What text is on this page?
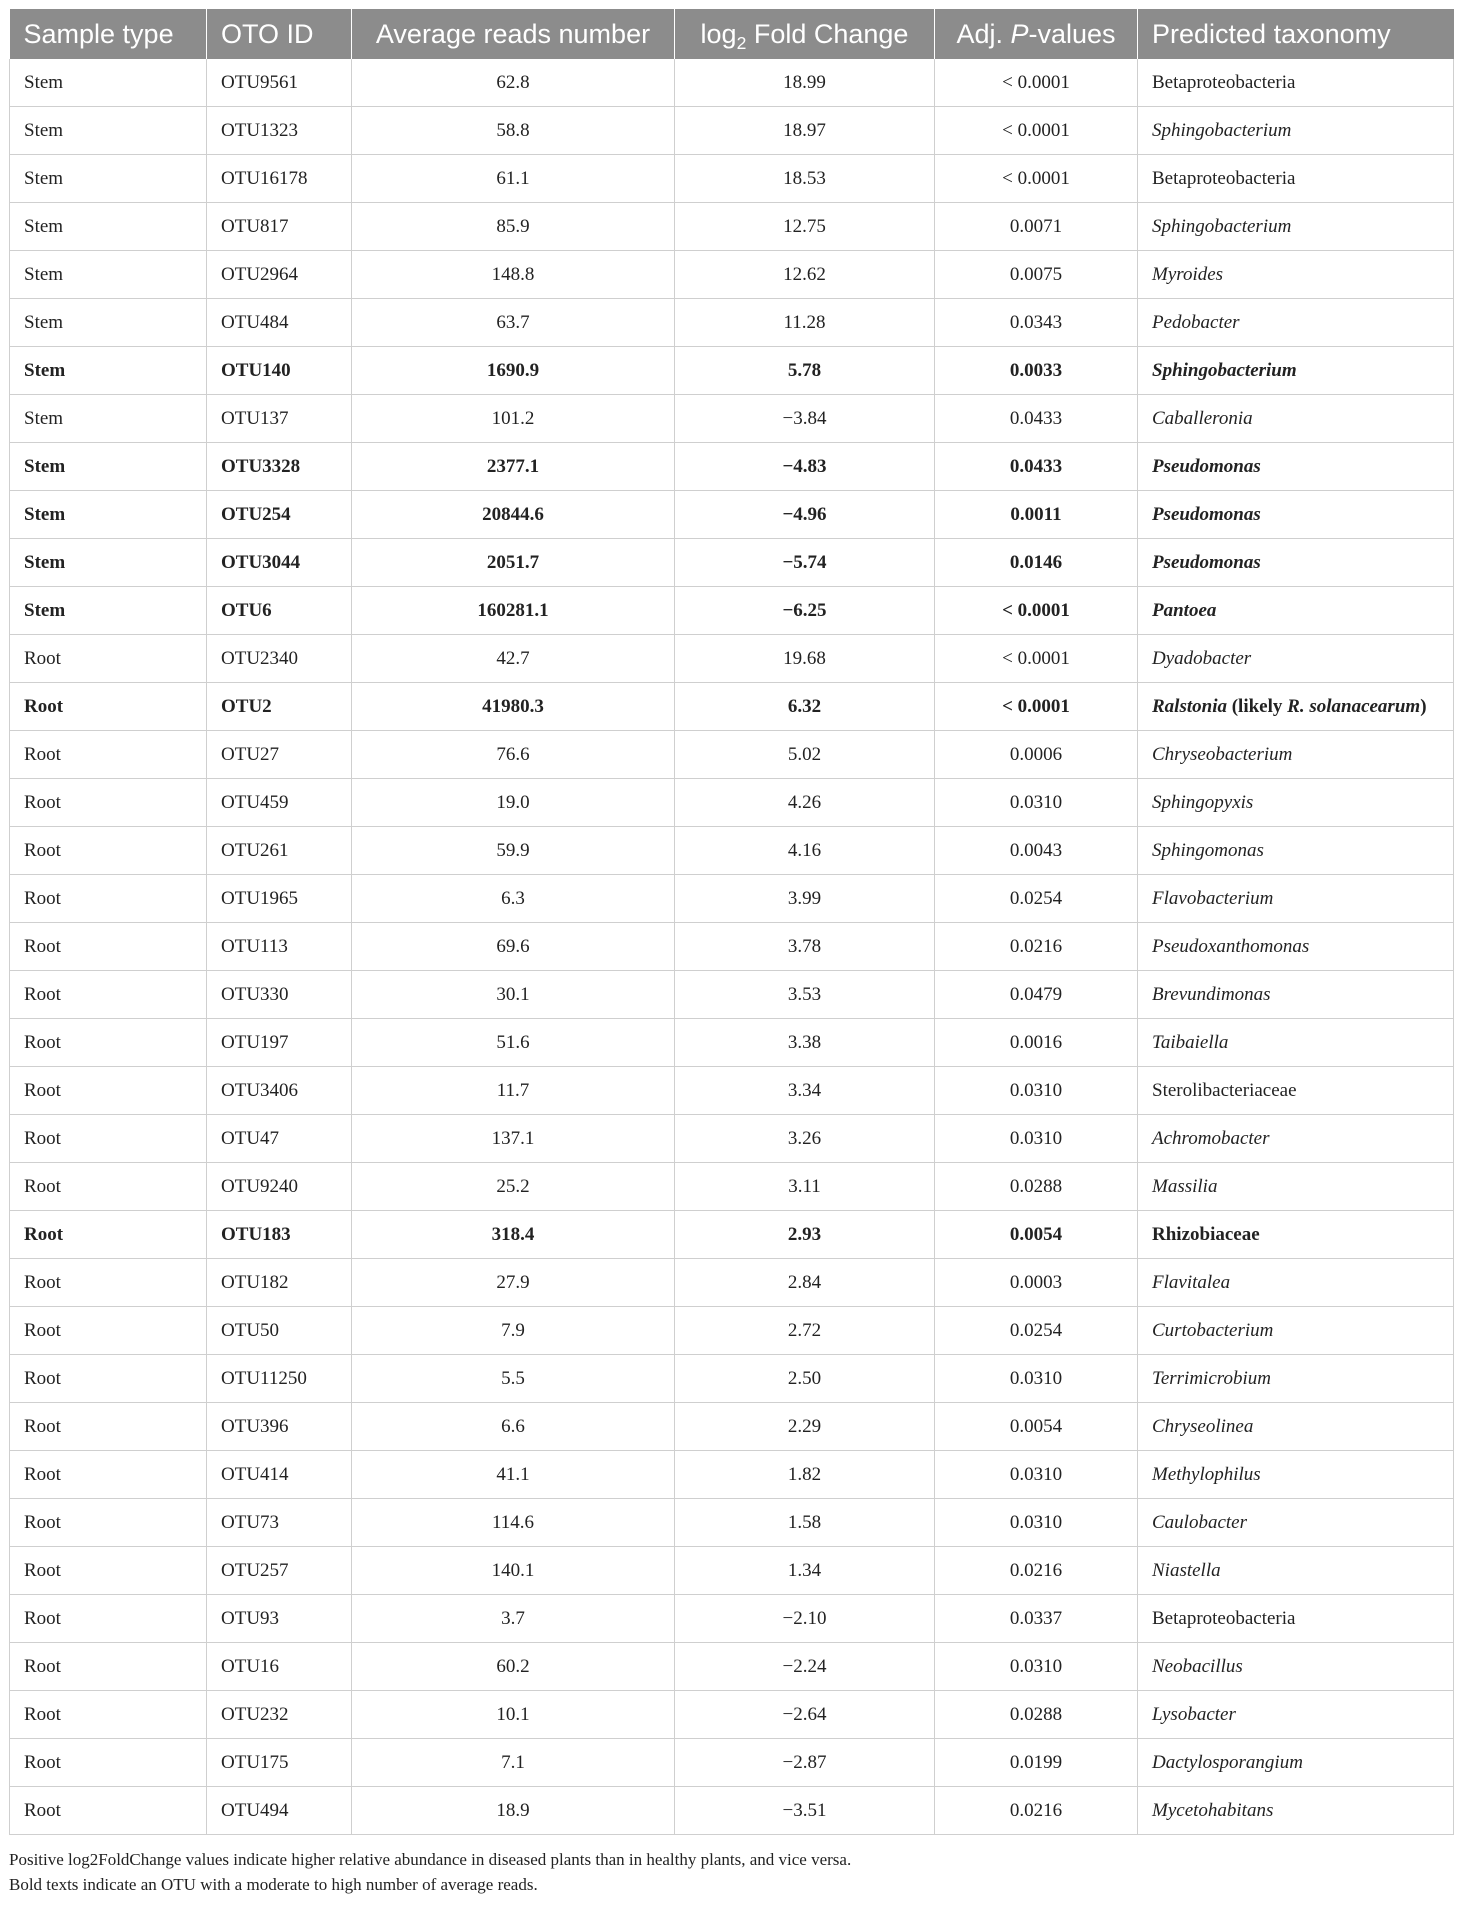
Sample type	OTO ID	Average reads number	$\log_2$ Fold Change	Adj. P-values	Predicted taxonomy
Stem	OTU9561	62.8	18.99	< 0.0001	Betaproteobacteria
Stem	OTU1323	58.8	18.97	< 0.0001	Sphingobacterium
Stem	OTU16178	61.1	18.53	< 0.0001	Betaproteobacteria
Stem	OTU817	85.9	12.75	0.0071	Sphingobacterium
Stem	OTU2964	148.8	12.62	0.0075	Myroides
Stem	OTU484	63.7	11.28	0.0343	Pedobacter
Stem	OTU140	1690.9	5.78	0.0033	Sphingobacterium
Stem	OTU137	101.2	−3.84	0.0433	Caballeronia
Stem	OTU3328	2377.1	−4.83	0.0433	Pseudomonas
Stem	OTU254	20844.6	−4.96	0.0011	Pseudomonas
Stem	OTU3044	2051.7	−5.74	0.0146	Pseudomonas
Stem	OTU6	160281.1	−6.25	< 0.0001	Pantoea
Root	OTU2340	42.7	19.68	< 0.0001	Dyadobacter
Root	OTU2	41980.3	6.32	< 0.0001	Ralstonia (likely R. solanacearum)
Root	OTU27	76.6	5.02	0.0006	Chryseobacterium
Root	OTU459	19.0	4.26	0.0310	Sphingopyxis
Root	OTU261	59.9	4.16	0.0043	Sphingomonas
Root	OTU1965	6.3	3.99	0.0254	Flavobacterium
Root	OTU113	69.6	3.78	0.0216	Pseudoxanthomonas
Root	OTU330	30.1	3.53	0.0479	Brevundimonas
Root	OTU197	51.6	3.38	0.0016	Taibaiella
Root	OTU3406	11.7	3.34	0.0310	Sterolibacteriaceae
Root	OTU47	137.1	3.26	0.0310	Achromobacter
Root	OTU9240	25.2	3.11	0.0288	Massilia
Root	OTU183	318.4	2.93	0.0054	Rhizobiaceae
Root	OTU182	27.9	2.84	0.0003	Flavitalea
Root	OTU50	7.9	2.72	0.0254	Curtobacterium
Root	OTU11250	5.5	2.50	0.0310	Terrimicrobium
Root	OTU396	6.6	2.29	0.0054	Chryseolinea
Root	OTU414	41.1	1.82	0.0310	Methylophilus
Root	OTU73	114.6	1.58	0.0310	Caulobacter
Root	OTU257	140.1	1.34	0.0216	Niastella
Root	OTU93	3.7	−2.10	0.0337	Betaproteobacteria
Root	OTU16	60.2	−2.24	0.0310	Neobacillus
Root	OTU232	10.1	−2.64	0.0288	Lysobacter
Root	OTU175	7.1	−2.87	0.0199	Dactylosporangium
Root	OTU494	18.9	−3.51	0.0216	Mycetohabitans
Positive log2FoldChange values indicate higher relative abundance in diseased plants than in healthy plants, and vice versa.
Bold texts indicate an OTU with a moderate to high number of average reads.
